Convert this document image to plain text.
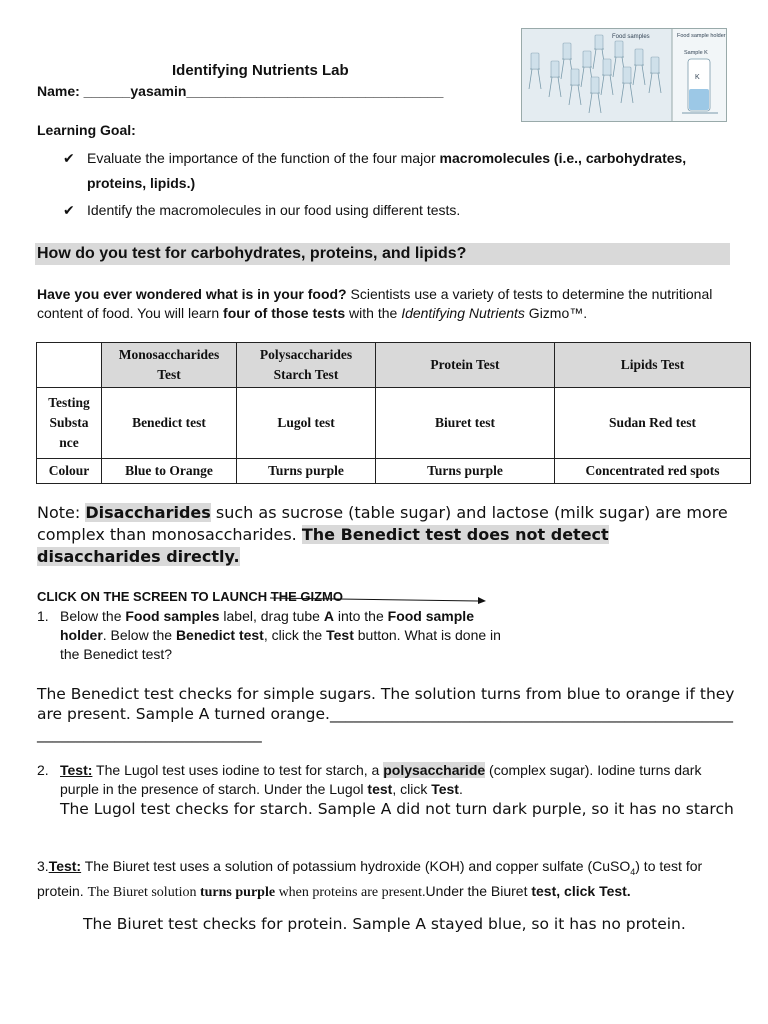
Food samples	Food sample holder
Sample K
K
Identifying Nutrients Lab
Name: ______yasamin_________________________________
Learning Goal:
✔ Evaluate the importance of the function of the four major macromolecules (i.e., carbohydrates, proteins, lipids.)
✔ Identify the macromolecules in our food using different tests.
How do you test for carbohydrates, proteins, and lipids?
Have you ever wondered what is in your food? Scientists use a variety of tests to determine the nutritional content of food. You will learn four of those tests with the Identifying Nutrients Gizmo™.
	Monosaccharides Test	Polysaccharides Starch Test	Protein Test	Lipids Test
Testing Substa nce	Benedict test	Lugol test	Biuret test	Sudan Red test
Colour	Blue to Orange	Turns purple	Turns purple	Concentrated red spots
Note: Disaccharides such as sucrose (table sugar) and lactose (milk sugar) are more complex than monosaccharides. The Benedict test does not detect disaccharides directly.
CLICK ON THE SCREEN TO LAUNCH THE GIZMO
1. Below the Food samples label, drag tube A into the Food sample holder. Below the Benedict test, click the Test button. What is done in the Benedict test?
The Benedict test checks for simple sugars. The solution turns from blue to orange if they are present. Sample A turned orange._________________________________________________________________________________
2. Test: The Lugol test uses iodine to test for starch, a polysaccharide (complex sugar). Iodine turns dark purple in the presence of starch. Under the Lugol test, click Test.
The Lugol test checks for starch. Sample A did not turn dark purple, so it has no starch
3.Test: The Biuret test uses a solution of potassium hydroxide (KOH) and copper sulfate (CuSO$_4$) to test for protein. The Biuret solution turns purple when proteins are present.Under the Biuret test, click Test.
The Biuret test checks for protein. Sample A stayed blue, so it has no protein.
